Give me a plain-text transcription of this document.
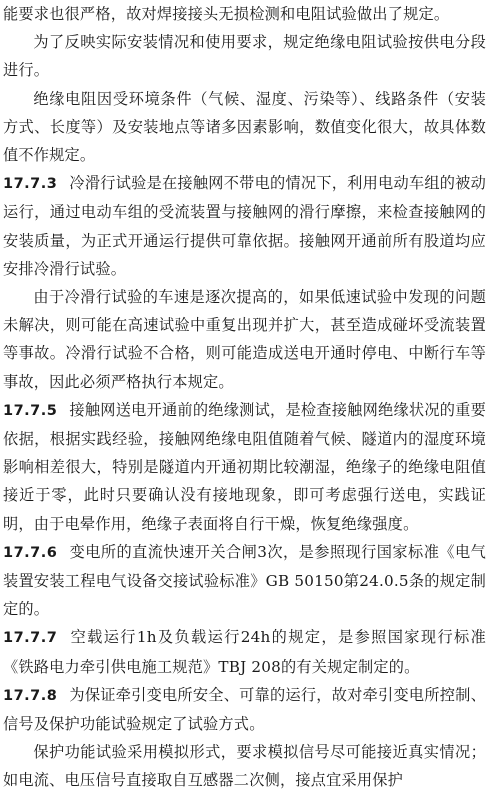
能要求也很严格，故对焊接接头无损检测和电阻试验做出了规定。

为了反映实际安装情况和使用要求，规定绝缘电阻试验按供电分段进行。

绝缘电阻因受环境条件（气候、湿度、污染等）、线路条件（安装方式、长度等）及安装地点等诸多因素影响，数值变化很大，故具体数值不作规定。

17.7.3 冷滑行试验是在接触网不带电的情况下，利用电动车组的被动运行，通过电动车组的受流装置与接触网的滑行摩擦，来检查接触网的安装质量，为正式开通运行提供可靠依据。接触网开通前所有股道均应安排冷滑行试验。

由于冷滑行试验的车速是逐次提高的，如果低速试验中发现的问题未解决，则可能在高速试验中重复出现并扩大，甚至造成碰坏受流装置等事故。冷滑行试验不合格，则可能造成送电开通时停电、中断行车等事故，因此必须严格执行本规定。

17.7.5 接触网送电开通前的绝缘测试，是检查接触网绝缘状况的重要依据，根据实践经验，接触网绝缘电阻值随着气候、隧道内的湿度环境影响相差很大，特别是隧道内开通初期比较潮湿，绝缘子的绝缘电阻值接近于零，此时只要确认没有接地现象，即可考虑强行送电，实践证明，由于电晕作用，绝缘子表面将自行干燥，恢复绝缘强度。

17.7.6 变电所的直流快速开关合闸3次，是参照现行国家标准《电气装置安装工程电气设备交接试验标准》GB 50150第24.0.5条的规定制定的。

17.7.7 空载运行1h及负载运行24h的规定，是参照国家现行标准《铁路电力牵引供电施工规范》TBJ 208的有关规定制定的。

17.7.8 为保证牵引变电所安全、可靠的运行，故对牵引变电所控制、信号及保护功能试验规定了试验方式。

保护功能试验采用模拟形式，要求模拟信号尽可能接近真实情况；如电流、电压信号直接取自互感器二次侧，接点宜采用保护
